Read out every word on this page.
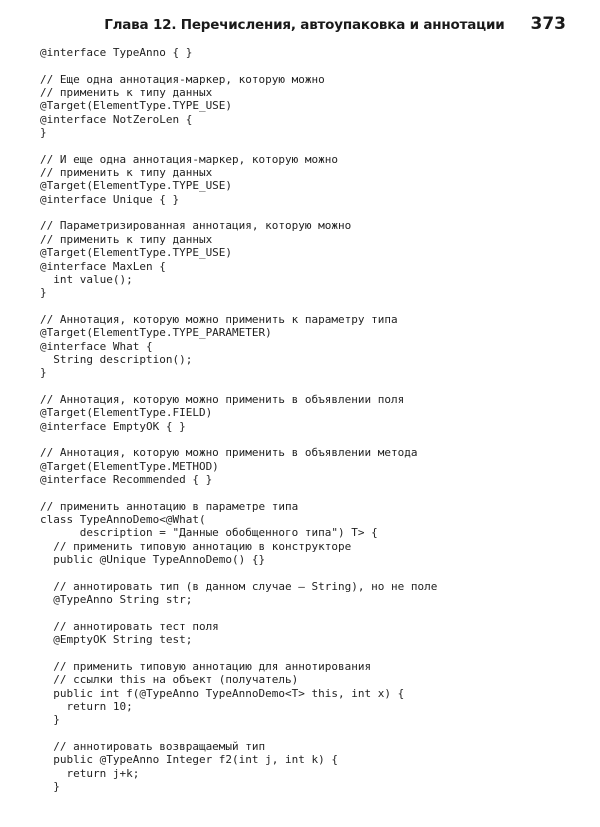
Глава 12. Перечисления, автоупаковка и аннотации 373
@interface TypeAnno { }
// Еще одна аннотация-маркер, которую можно
// применить к типу данных
@Target(ElementType.TYPE_USE)
@interface NotZeroLen {
}
// И еще одна аннотация-маркер, которую можно
// применить к типу данных
@Target(ElementType.TYPE_USE)
@interface Unique { }
// Параметризированная аннотация, которую можно
// применить к типу данных
@Target(ElementType.TYPE_USE)
@interface MaxLen {
int value();
}
// Аннотация, которую можно применить к параметру типа
@Target(ElementType.TYPE_PARAMETER)
@interface What {
String description();
}
// Аннотация, которую можно применить в объявлении поля
@Target(ElementType.FIELD)
@interface EmptyOK { }
// Аннотация, которую можно применить в объявлении метода
@Target(ElementType.METHOD)
@interface Recommended { }
// применить аннотацию в параметре типа
class TypeAnnoDemo<@What(
description = "Данные обобщенного типа") T> {
// применить типовую аннотацию в конструкторе
public @Unique TypeAnnoDemo() {}
// аннотировать тип (в данном случае — String), но не поле
@TypeAnno String str;
// аннотировать тест поля
@EmptyOK String test;
// применить типовую аннотацию для аннотирования
// ссылки this на объект (получатель)
public int f(@TypeAnno TypeAnnoDemo<T> this, int x) {
return 10;
}
// аннотировать возвращаемый тип
public @TypeAnno Integer f2(int j, int k) {
return j+k;
}
